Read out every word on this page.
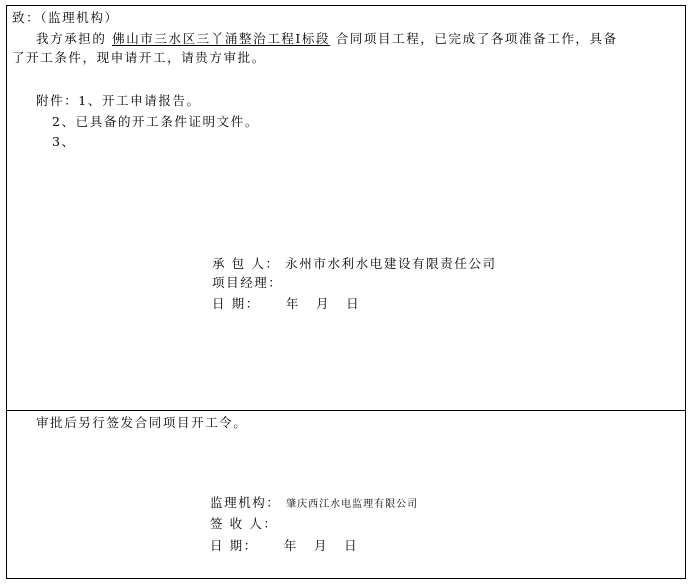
致：（监理机构）
我方承担的 佛山市三水区三丫涌整治工程Ⅰ标段 合同项目工程，已完成了各项准备工作，具备
了开工条件，现申请开工，请贵方审批。
附件：1、开工申请报告。
2、已具备的开工条件证明文件。
3、
承 包 人： 永州市水利水电建设有限责任公司
项目经理：
日 期： 年 月 日
审批后另行签发合同项目开工令。
监理机构： 肇庆西江水电监理有限公司
签 收 人：
日 期： 年 月 日
